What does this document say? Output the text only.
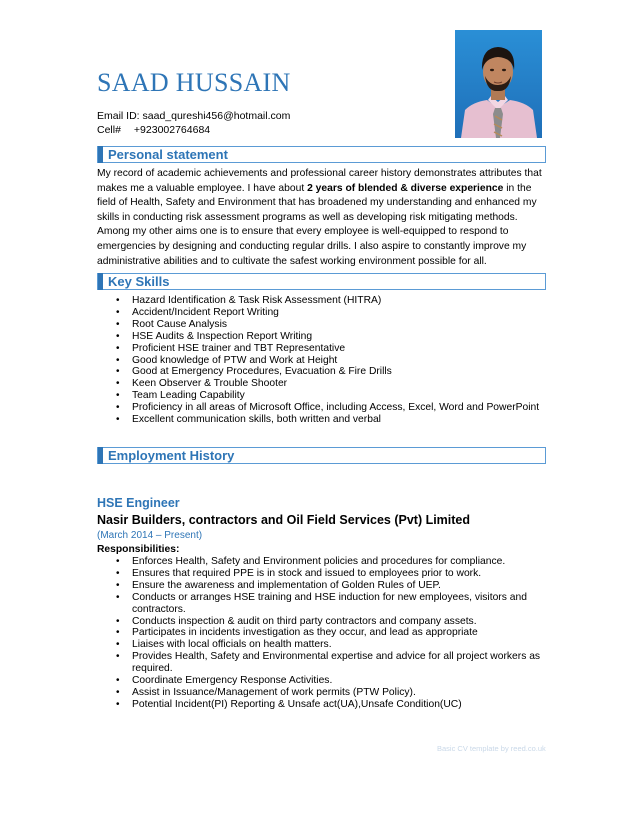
SAAD HUSSAIN
Email ID: saad_qureshi456@hotmail.com
Cell# +923002764684
Personal statement

My record of academic achievements and professional career history demonstrates attributes that makes me a valuable employee. I have about 2 years of blended & diverse experience in the field of Health, Safety and Environment that has broadened my understanding and enhanced my skills in conducting risk assessment programs as well as developing risk mitigating methods. Among my other aims one is to ensure that every employee is well-equipped to respond to emergencies by designing and conducting regular drills. I also aspire to constantly improve my administrative abilities and to cultivate the safest working environment possible for all.

Key Skills
• Hazard Identification & Task Risk Assessment (HITRA)
• Accident/Incident Report Writing
• Root Cause Analysis
• HSE Audits & Inspection Report Writing
• Proficient HSE trainer and TBT Representative
• Good knowledge of PTW and Work at Height
• Good at Emergency Procedures, Evacuation & Fire Drills
• Keen Observer & Trouble Shooter
• Team Leading Capability
• Proficiency in all areas of Microsoft Office, including Access, Excel, Word and PowerPoint
• Excellent communication skills, both written and verbal
Employment History
HSE Engineer
Nasir Builders, contractors and Oil Field Services (Pvt) Limited
(March 2014 – Present)
Responsibilities:
• Enforces Health, Safety and Environment policies and procedures for compliance.
• Ensures that required PPE is in stock and issued to employees prior to work.
• Ensure the awareness and implementation of Golden Rules of UEP.
• Conducts or arranges HSE training and HSE induction for new employees, visitors and contractors.
• Conducts inspection & audit on third party contractors and company assets.
• Participates in incidents investigation as they occur, and lead as appropriate
• Liaises with local officials on health matters.
• Provides Health, Safety and Environmental expertise and advice for all project workers as required.
• Coordinate Emergency Response Activities.
• Assist in Issuance/Management of work permits (PTW Policy).
• Potential Incident(PI) Reporting & Unsafe act(UA),Unsafe Condition(UC)
Basic CV template by reed.co.uk
